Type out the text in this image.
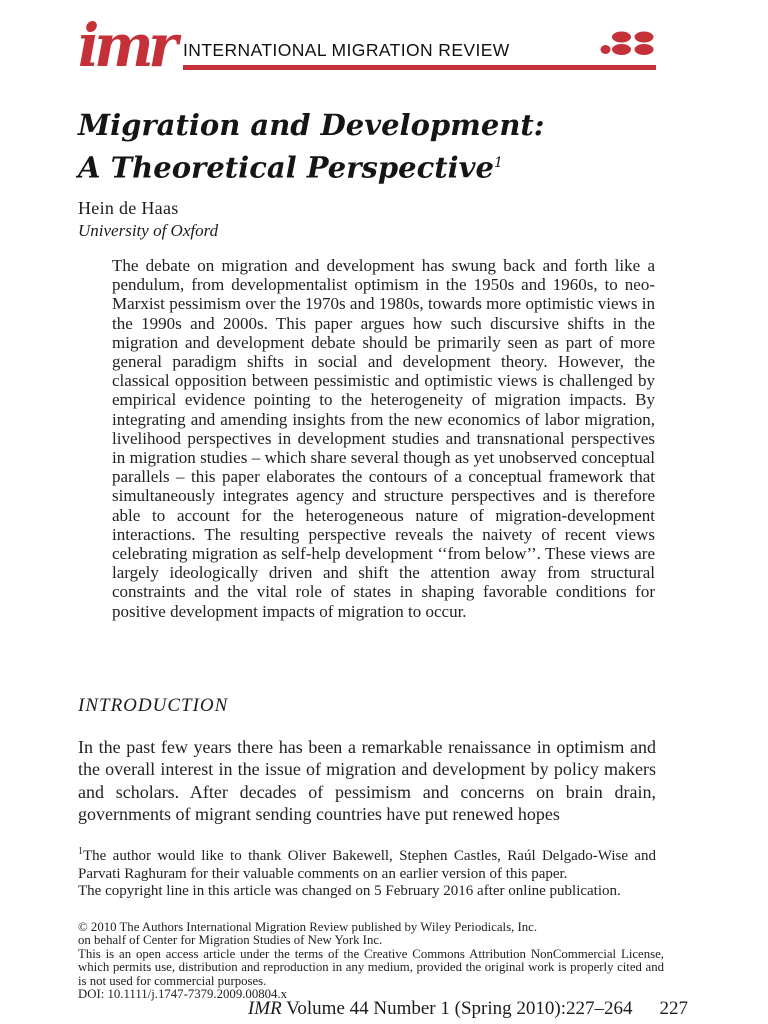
imr INTERNATIONAL MIGRATION REVIEW
Migration and Development:
A Theoretical Perspective$^1$
Hein de Haas
University of Oxford
The debate on migration and development has swung back and forth like a pendulum, from developmentalist optimism in the 1950s and 1960s, to neo-Marxist pessimism over the 1970s and 1980s, towards more optimistic views in the 1990s and 2000s. This paper argues how such discursive shifts in the migration and development debate should be primarily seen as part of more general paradigm shifts in social and development theory. However, the classical opposition between pessimistic and optimistic views is challenged by empirical evidence pointing to the heterogeneity of migration impacts. By integrating and amending insights from the new economics of labor migration, livelihood perspectives in development studies and transnational perspectives in migration studies – which share several though as yet unobserved conceptual parallels – this paper elaborates the contours of a conceptual framework that simultaneously integrates agency and structure perspectives and is therefore able to account for the heterogeneous nature of migration-development interactions. The resulting perspective reveals the naivety of recent views celebrating migration as self-help development ‘‘from below’’. These views are largely ideologically driven and shift the attention away from structural constraints and the vital role of states in shaping favorable conditions for positive development impacts of migration to occur.
INTRODUCTION
In the past few years there has been a remarkable renaissance in optimism and the overall interest in the issue of migration and development by policy makers and scholars. After decades of pessimism and concerns on brain drain, governments of migrant sending countries have put renewed hopes
$^1$The author would like to thank Oliver Bakewell, Stephen Castles, Raúl Delgado-Wise and Parvati Raghuram for their valuable comments on an earlier version of this paper.
The copyright line in this article was changed on 5 February 2016 after online publication.
© 2010 The Authors International Migration Review published by Wiley Periodicals, Inc.
on behalf of Center for Migration Studies of New York Inc.
This is an open access article under the terms of the Creative Commons Attribution NonCommercial License, which permits use, distribution and reproduction in any medium, provided the original work is properly cited and is not used for commercial purposes.
DOI: 10.1111/j.1747-7379.2009.00804.x
IMR Volume 44 Number 1 (Spring 2010):227–264 227
